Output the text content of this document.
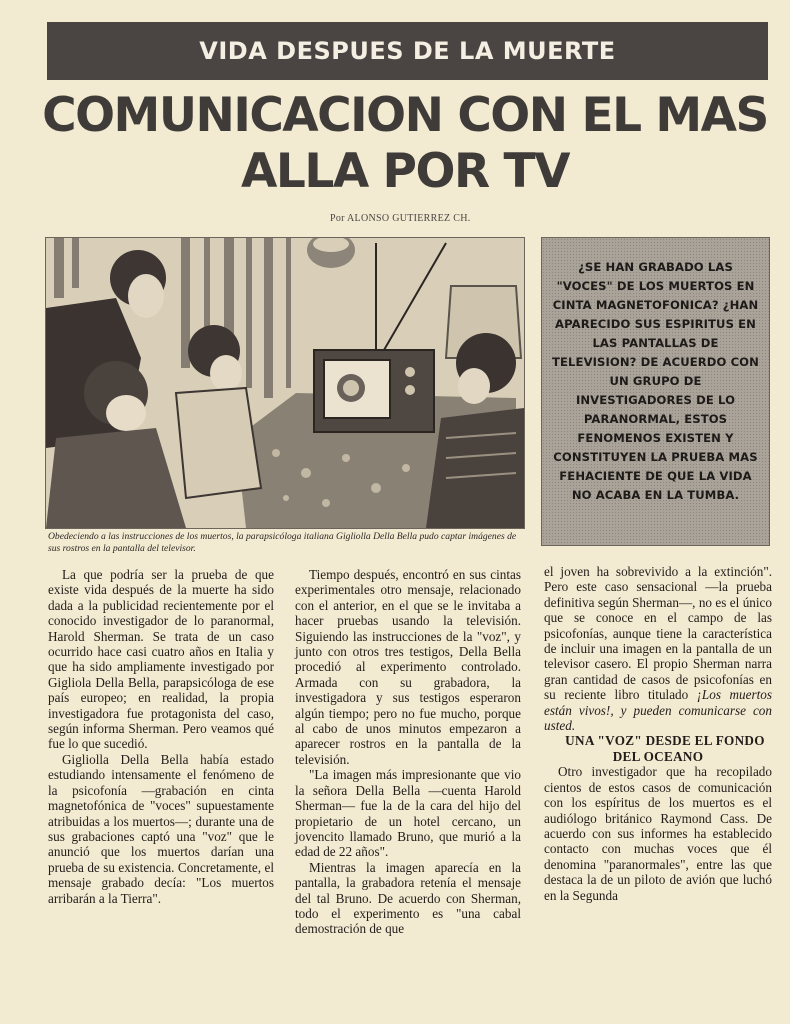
VIDA DESPUES DE LA MUERTE
COMUNICACION CON EL MAS
ALLA POR TV
Por ALONSO GUTIERREZ CH.
Obedeciendo a las instrucciones de los muertos, la parapsicóloga italiana Gigliolla Della Bella pudo captar imágenes de sus rostros en la pantalla del televisor.
¿SE HAN GRABADO LAS "VOCES" DE LOS MUERTOS EN CINTA MAGNETOFONICA? ¿HAN APARECIDO SUS ESPIRITUS EN LAS PANTALLAS DE TELEVISION? DE ACUERDO CON UN GRUPO DE INVESTIGADORES DE LO PARANORMAL, ESTOS FENOMENOS EXISTEN Y CONSTITUYEN LA PRUEBA MAS FEHACIENTE DE QUE LA VIDA NO ACABA EN LA TUMBA.

La que podría ser la prueba de que existe vida después de la muerte ha sido dada a la publicidad recientemente por el conocido investigador de lo paranormal, Harold Sherman. Se trata de un caso ocurrido hace casi cuatro años en Italia y que ha sido ampliamente investigado por Gigliola Della Bella, parapsicóloga de ese país europeo; en realidad, la propia investigadora fue protagonista del caso, según informa Sherman. Pero veamos qué fue lo que sucedió.

Gigliolla Della Bella había estado estudiando intensamente el fenómeno de la psicofonía —grabación en cinta magnetofónica de "voces" supuestamente atribuidas a los muertos—; durante una de sus grabaciones captó una "voz" que le anunció que los muertos darían una prueba de su existencia. Concretamente, el mensaje grabado decía: "Los muertos arribarán a la Tierra".

Tiempo después, encontró en sus cintas experimentales otro mensaje, relacionado con el anterior, en el que se le invitaba a hacer pruebas usando la televisión. Siguiendo las instrucciones de la "voz", y junto con otros tres testigos, Della Bella procedió al experimento controlado. Armada con su grabadora, la investigadora y sus testigos esperaron algún tiempo; pero no fue mucho, porque al cabo de unos minutos empezaron a aparecer rostros en la pantalla de la televisión.

"La imagen más impresionante que vio la señora Della Bella —cuenta Harold Sherman— fue la de la cara del hijo del propietario de un hotel cercano, un jovencito llamado Bruno, que murió a la edad de 22 años".

Mientras la imagen aparecía en la pantalla, la grabadora retenía el mensaje del tal Bruno. De acuerdo con Sherman, todo el experimento es "una cabal demostración de que

el joven ha sobrevivido a la extinción". Pero este caso sensacional —la prueba definitiva según Sherman—, no es el único que se conoce en el campo de las psicofonías, aunque tiene la característica de incluir una imagen en la pantalla de un televisor casero. El propio Sherman narra gran cantidad de casos de psicofonías en su reciente libro titulado ¡Los muertos están vivos!, y pueden comunicarse con usted.

UNA "VOZ" DESDE EL FONDO DEL OCEANO

Otro investigador que ha recopilado cientos de estos casos de comunicación con los espíritus de los muertos es el audiólogo británico Raymond Cass. De acuerdo con sus informes ha establecido contacto con muchas voces que él denomina "paranormales", entre las que destaca la de un piloto de avión que luchó en la Segunda
